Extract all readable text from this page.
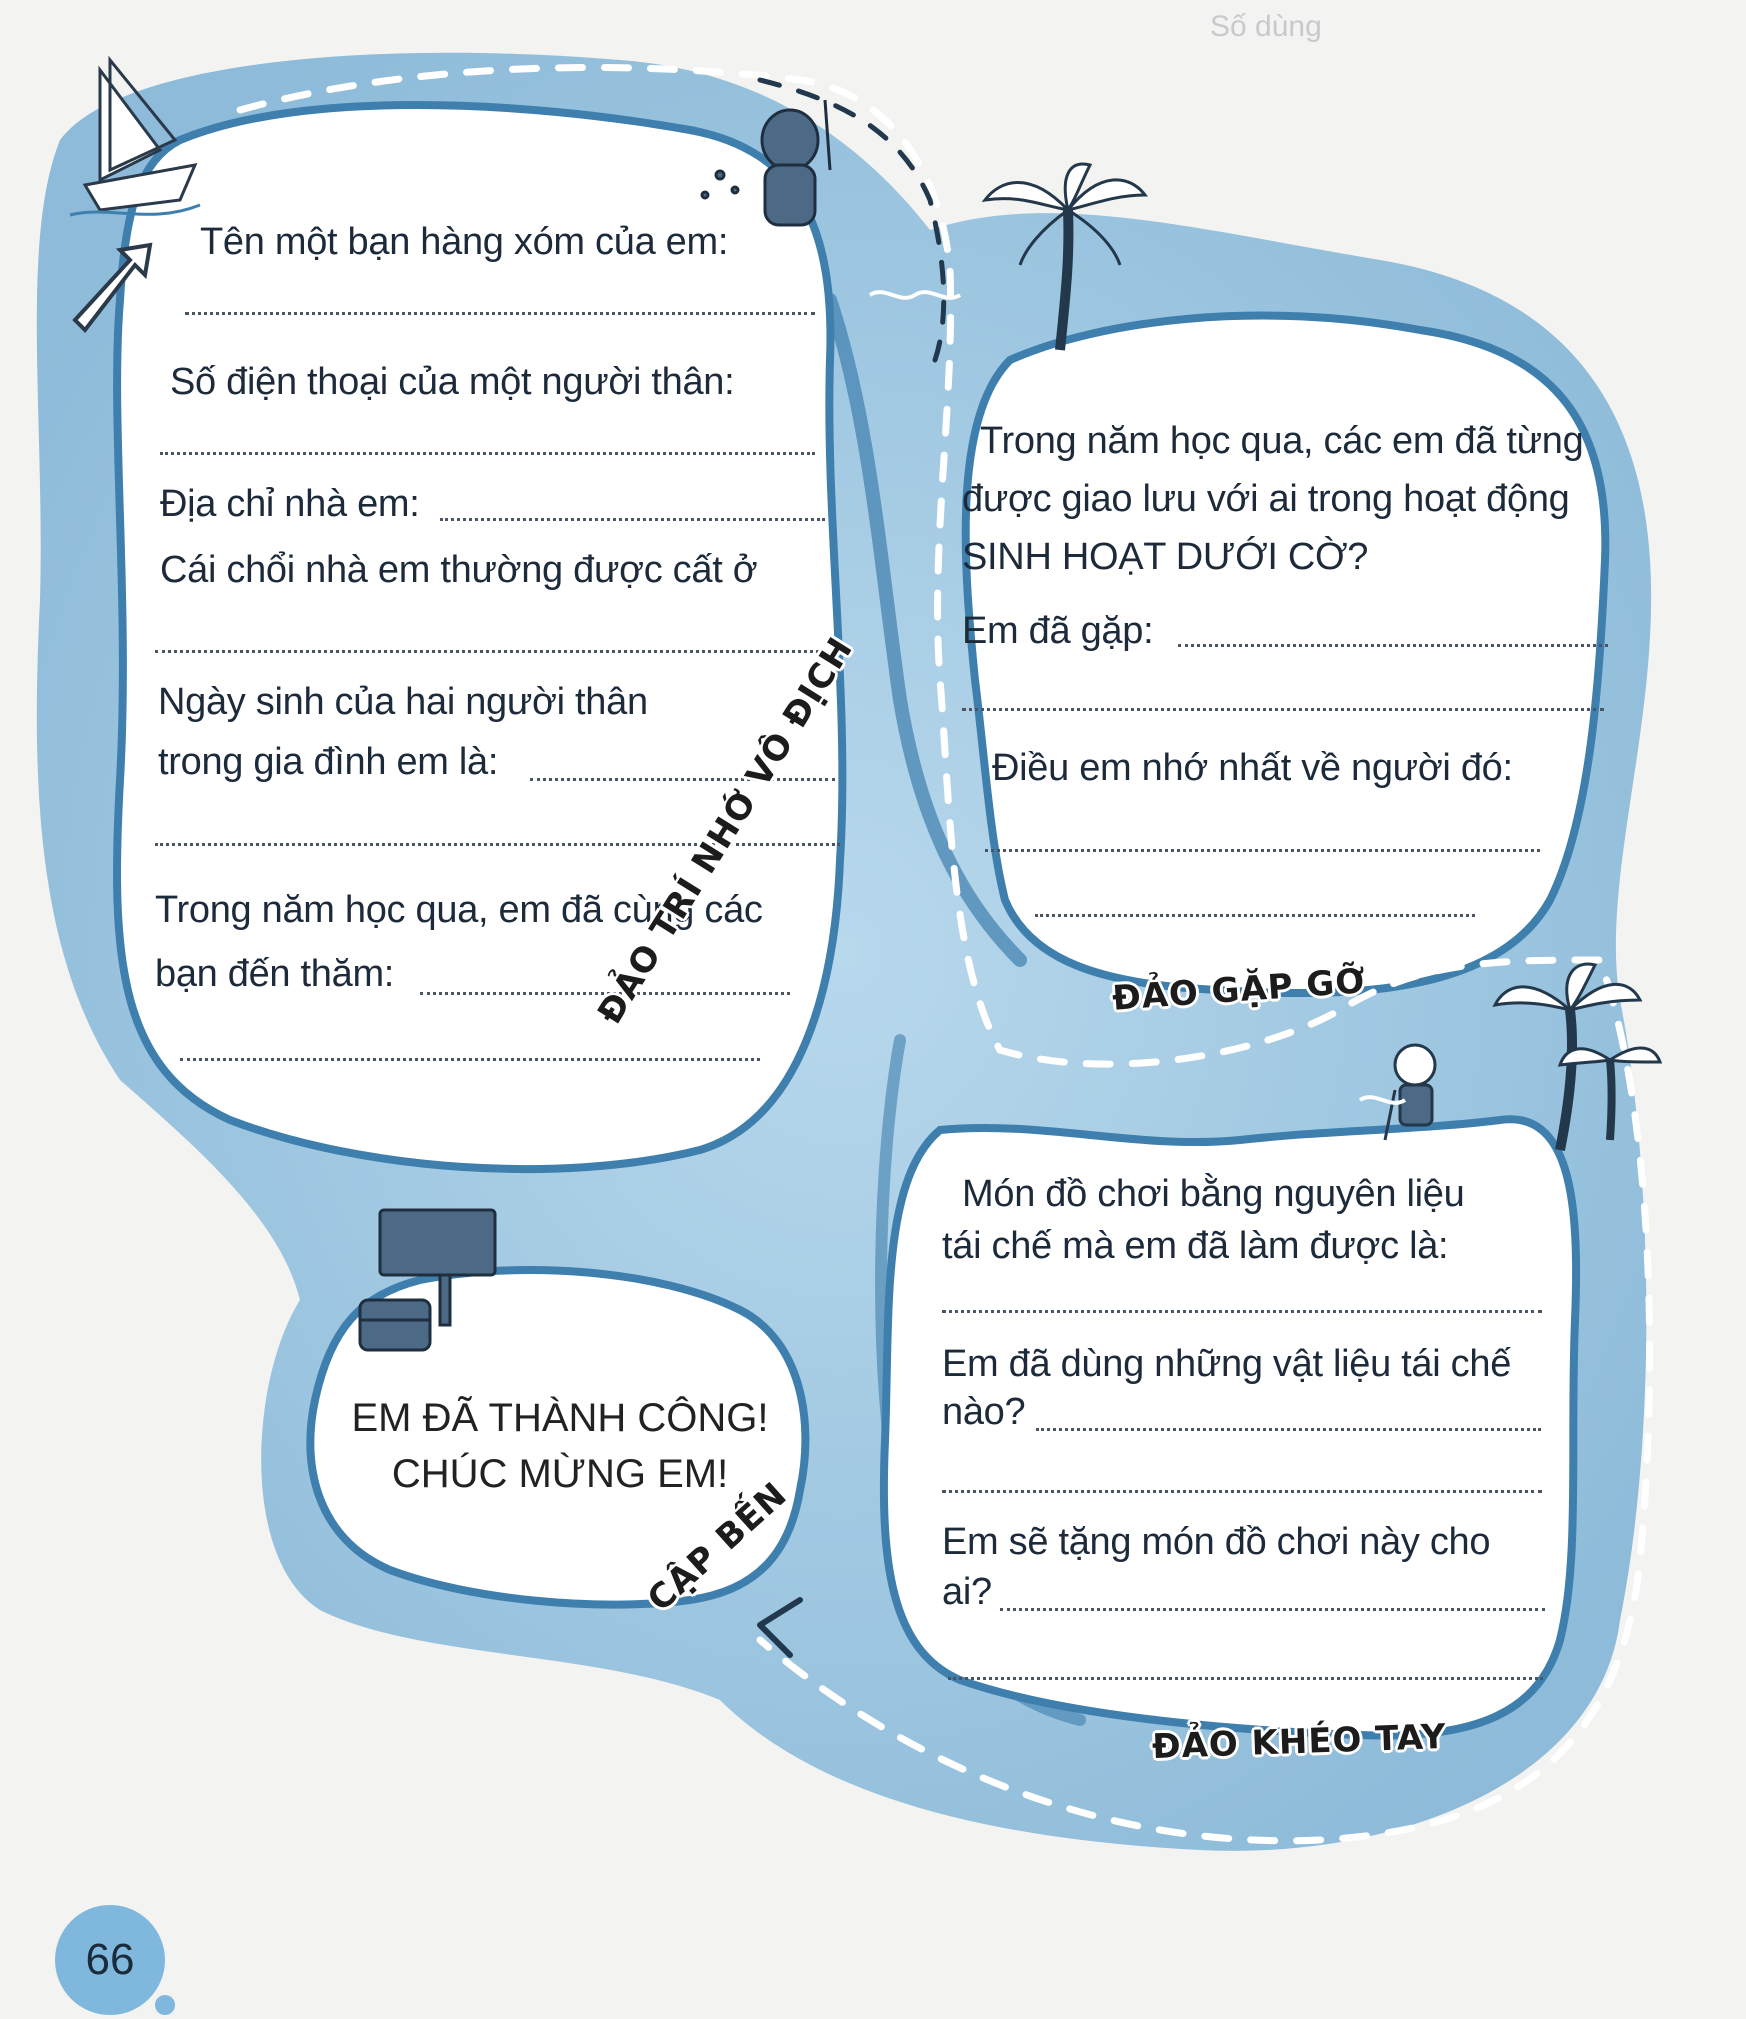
Số dùng
Tên một bạn hàng xóm của em:
Số điện thoại của một người thân:
Địa chỉ nhà em:
Cái chổi nhà em thường được cất ở
Ngày sinh của hai người thân
trong gia đình em là:
Trong năm học qua, em đã cùng các
bạn đến thăm:	ĐẢO TRÍ NHỚ VÔ ĐỊCH
Trong năm học qua, các em đã từng
được giao lưu với ai trong hoạt động
SINH HOẠT DƯỚI CỜ?
Em đã gặp:
Điều em nhớ nhất về người đó:
ĐẢO GẶP GỠ
Món đồ chơi bằng nguyên liệu
tái chế mà em đã làm được là:
Em đã dùng những vật liệu tái chế
nào?
Em sẽ tặng món đồ chơi này cho
ai?
ĐẢO KHÉO TAY
EM ĐÃ THÀNH CÔNG!
CHÚC MỪNG EM!
CẬP BẾN
66
